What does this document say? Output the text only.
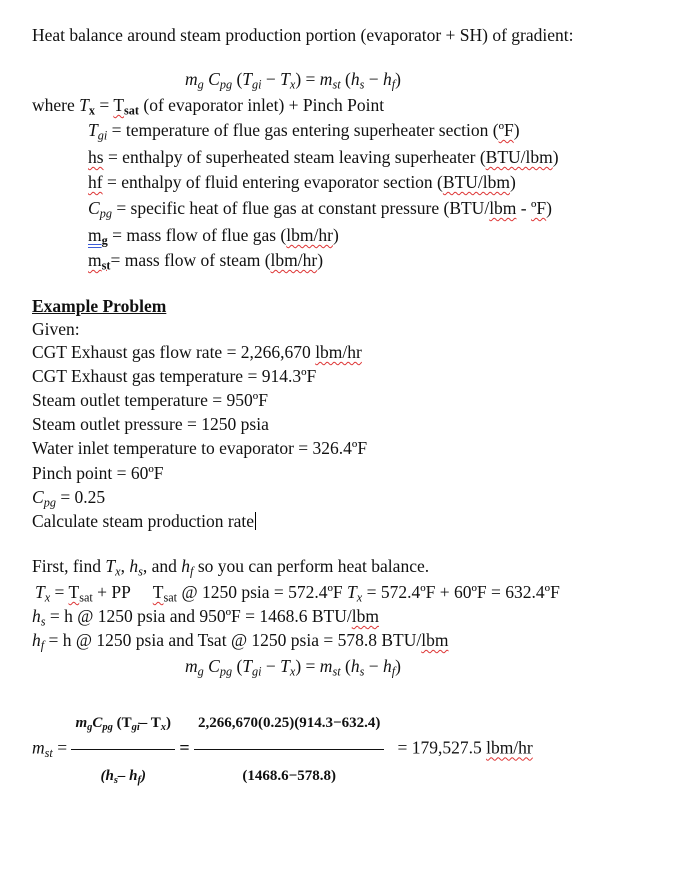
Heat balance around steam production portion (evaporator + SH) of gradient:
$m_g$ $C_{pg}$ $(T_{gi} - T_x) = m_{st}$ $(h_s - h_f)$
where $T_x = T_{sat}$ (of evaporator inlet) + Pinch Point
$T_{gi}$ = temperature of flue gas entering superheater section (ºF)
hs = enthalpy of superheated steam leaving superheater (BTU/lbm)
hf = enthalpy of fluid entering evaporator section (BTU/lbm)
$C_{pg}$ = specific heat of flue gas at constant pressure (BTU/lbm - ºF)
$m_g$ = mass flow of flue gas (lbm/hr)
$m_{st}=$ mass flow of steam (lbm/hr)
Example Problem
Given:
CGT Exhaust gas flow rate = 2,266,670 lbm/hr
CGT Exhaust gas temperature = 914.3ºF
Steam outlet temperature = 950ºF
Steam outlet pressure = 1250 psia
Water inlet temperature to evaporator = 326.4ºF
Pinch point = 60ºF
$C_{pg} = 0.25$
Calculate steam production rate
First, find $T_x$, $h_s$, and $h_f$ so you can perform heat balance.
$T_x = T_{sat}$ + PP $T_{sat}$ @ 1250 psia = 572.4ºF $T_x$ = 572.4ºF + 60ºF = 632.4ºF
$h_s = h$ @ 1250 psia and 950ºF = 1468.6 BTU/lbm
$h_f = h$ @ 1250 psia and Tsat @ 1250 psia = 578.8 BTU/lbm
$m_g$ $C_{pg}$ $(T_{gi} - T_x) = m_{st}$ $(h_s - h_f)$
$m_{st} = \frac{m_gC_{pg} (T_{gi}- T_x)}{(h_s- h_f)} = \frac{2,266,670(0.25)(914.3-632.4)}{(1468.6-578.8)} = 179,527.5$ lbm/hr
